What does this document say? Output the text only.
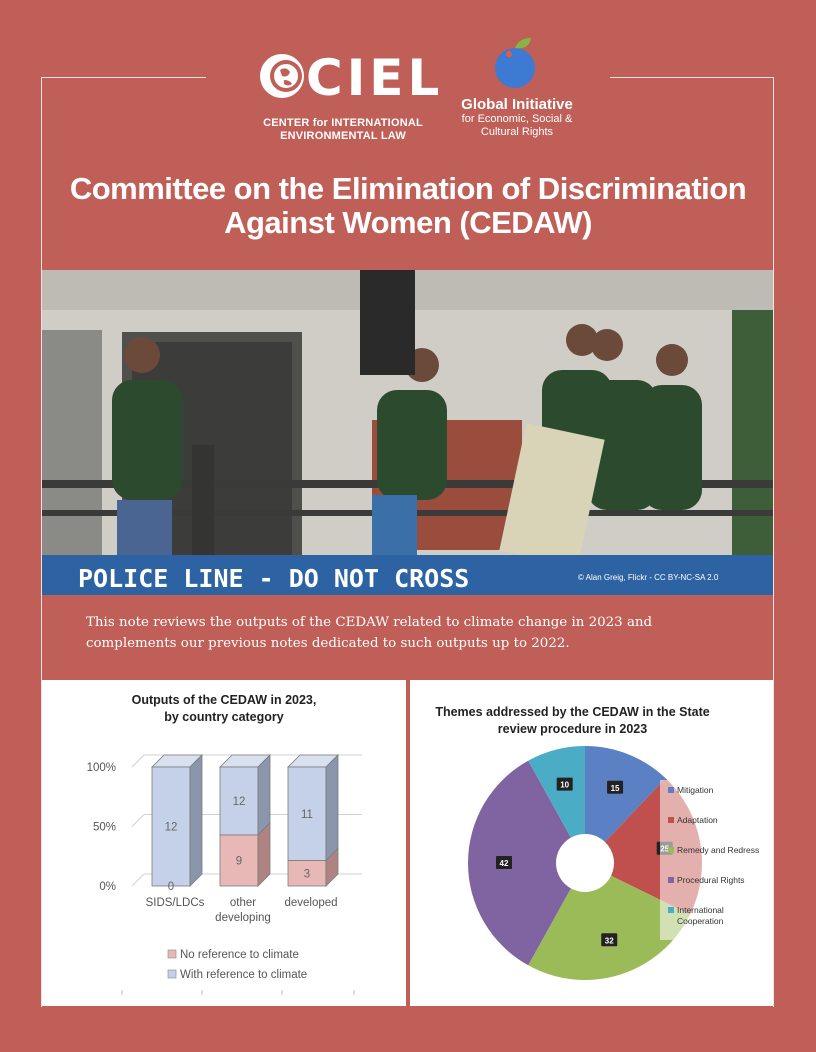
CIEL
CENTER for INTERNATIONAL ENVIRONMENTAL LAW
Global Initiative
for Economic, Social & Cultural Rights
Committee on the Elimination of Discrimination Against Women (CEDAW)
POLICE LINE - DO NOT CROSS	© Alan Greig, Flickr - CC BY-NC-SA 2.0
This note reviews the outputs of the CEDAW related to climate change in 2023 and complements our previous notes dedicated to such outputs up to 2022.
Outputs of the CEDAW in 2023, by country category
100%
50%
0%
12
0
SIDS/LDCs
12
9
other
developing
11
3
developed
No reference to climate
With reference to climate
Themes addressed by the CEDAW in the State review procedure in 2023
15
32
42
10	Mitigation
Adaptation
Remedy and Redress
Procedural Rights
International Cooperation
